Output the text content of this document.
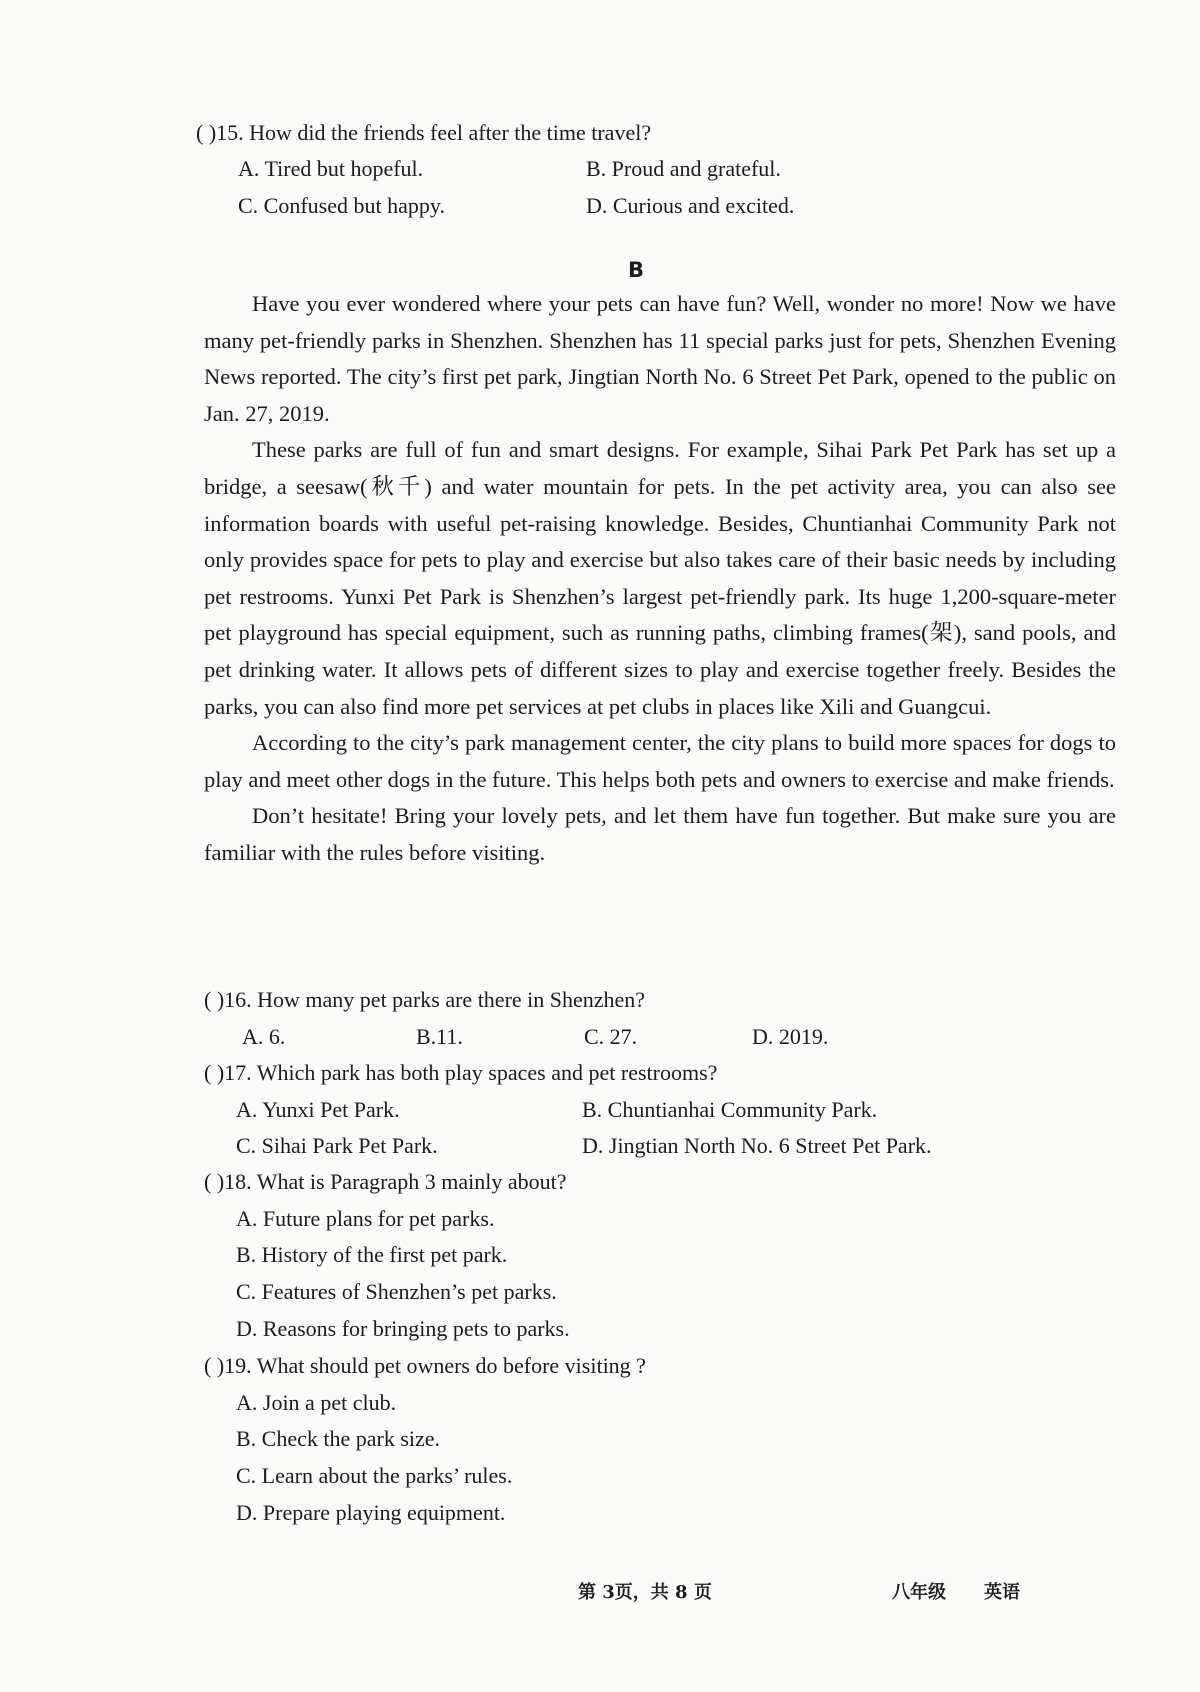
( )15. How did the friends feel after the time travel?
A. Tired but hopeful.	B. Proud and grateful.
C. Confused but happy.	D. Curious and excited.
B

Have you ever wondered where your pets can have fun? Well, wonder no more! Now we have many pet-friendly parks in Shenzhen. Shenzhen has 11 special parks just for pets, Shenzhen Evening News reported. The city’s first pet park, Jingtian North No. 6 Street Pet Park, opened to the public on Jan. 27, 2019.

These parks are full of fun and smart designs. For example, Sihai Park Pet Park has set up a bridge, a seesaw(秋千) and water mountain for pets. In the pet activity area, you can also see information boards with useful pet-raising knowledge. Besides, Chuntianhai Community Park not only provides space for pets to play and exercise but also takes care of their basic needs by including pet restrooms. Yunxi Pet Park is Shenzhen’s largest pet-friendly park. Its huge 1,200-square-meter pet playground has special equipment, such as running paths, climbing frames(架), sand pools, and pet drinking water. It allows pets of different sizes to play and exercise together freely. Besides the parks, you can also find more pet services at pet clubs in places like Xili and Guangcui.

According to the city’s park management center, the city plans to build more spaces for dogs to play and meet other dogs in the future. This helps both pets and owners to exercise and make friends.

Don’t hesitate! Bring your lovely pets, and let them have fun together. But make sure you are familiar with the rules before visiting.

( )16. How many pet parks are there in Shenzhen?
A. 6.	B.11.	C. 27.	D. 2019.
( )17. Which park has both play spaces and pet restrooms?
A. Yunxi Pet Park.	B. Chuntianhai Community Park.
C. Sihai Park Pet Park.	D. Jingtian North No. 6 Street Pet Park.
( )18. What is Paragraph 3 mainly about?
A. Future plans for pet parks.
B. History of the first pet park.
C. Features of Shenzhen’s pet parks.
D. Reasons for bringing pets to parks.
( )19. What should pet owners do before visiting ?
A. Join a pet club.
B. Check the park size.
C. Learn about the parks’ rules.
D. Prepare playing equipment.
第 3页，共 8 页	八年级 英语
